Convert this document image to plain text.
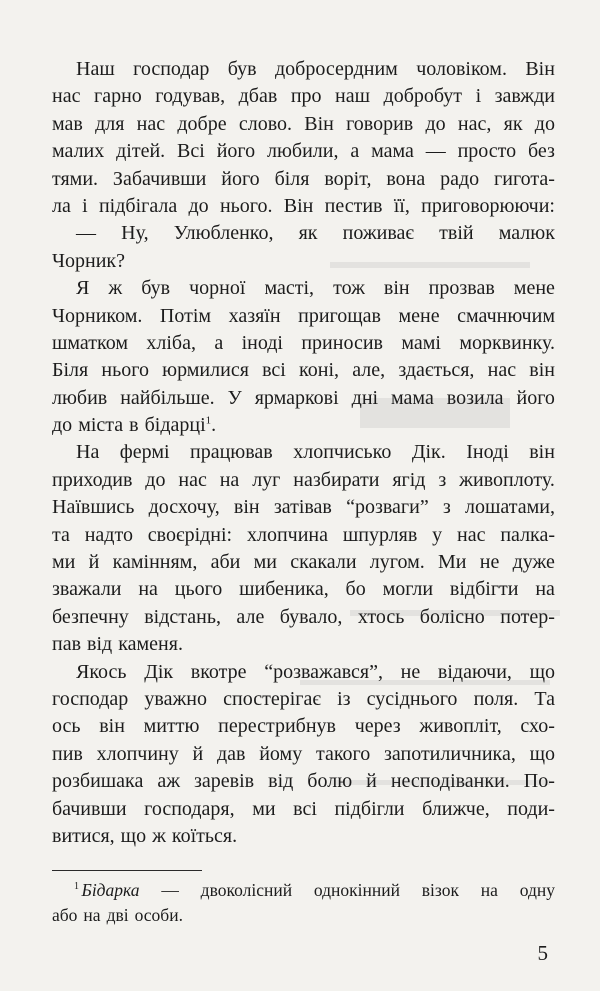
Наш господар був добросердним чоловіком. Він
нас гарно годував, дбав про наш добробут і завжди
мав для нас добре слово. Він говорив до нас, як до
малих дітей. Всі його любили, а мама — просто без
тями. Забачивши його біля воріт, вона радо гигота-
ла і підбігала до нього. Він пестив її, приговорюючи:
— Ну, Улюбленко, як поживає твій малюк
Чорник?
Я ж був чорної масті, тож він прозвав мене
Чорником. Потім хазяїн пригощав мене смачнючим
шматком хліба, а іноді приносив мамі морквинку.
Біля нього юрмилися всі коні, але, здається, нас він
любив найбільше. У ярмаркові дні мама возила його
до міста в бідарці$^1$.
На фермі працював хлопчисько Дік. Іноді він
приходив до нас на луг назбирати ягід з живоплоту.
Наївшись досхочу, він затівав “розваги” з лошатами,
та надто своєрідні: хлопчина шпурляв у нас палка-
ми й камінням, аби ми скакали лугом. Ми не дуже
зважали на цього шибеника, бо могли відбігти на
безпечну відстань, але бувало, хтось болісно потер-
пав від каменя.
Якось Дік вкотре “розважався”, не відаючи, що
господар уважно спостерігає із сусіднього поля. Та
ось він миттю перестрибнув через живопліт, схо-
пив хлопчину й дав йому такого запотиличника, що
розбишака аж заревів від болю й несподіванки. По-
бачивши господаря, ми всі підбігли ближче, поди-
витися, що ж коїться.
$^1$ Бідарка — двоколісний однокінний візок на одну
або на дві особи.
5
